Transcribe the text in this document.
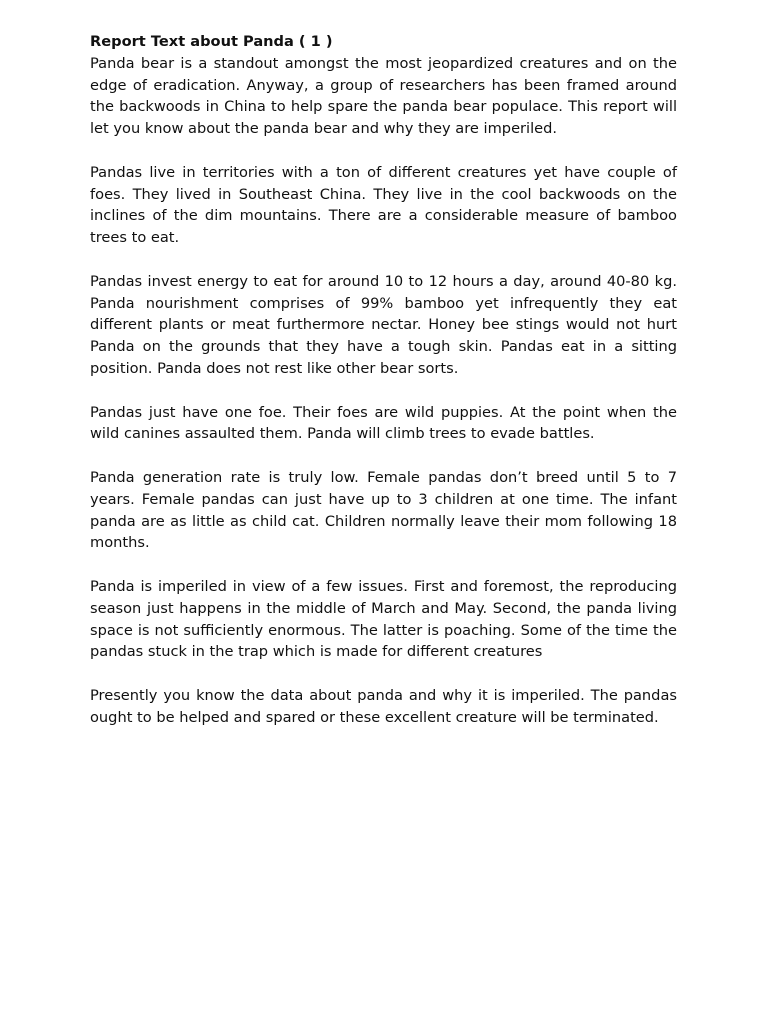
Report Text about Panda ( 1 )

Panda bear is a standout amongst the most jeopardized creatures and on the edge of eradication. Anyway, a group of researchers has been framed around the backwoods in China to help spare the panda bear populace. This report will let you know about the panda bear and why they are imperiled.

Pandas live in territories with a ton of different creatures yet have couple of foes. They lived in Southeast China. They live in the cool backwoods on the inclines of the dim mountains. There are a considerable measure of bamboo trees to eat.

Pandas invest energy to eat for around 10 to 12 hours a day, around 40-80 kg. Panda nourishment comprises of 99% bamboo yet infrequently they eat different plants or meat furthermore nectar. Honey bee stings would not hurt Panda on the grounds that they have a tough skin. Pandas eat in a sitting position. Panda does not rest like other bear sorts.

Pandas just have one foe. Their foes are wild puppies. At the point when the wild canines assaulted them. Panda will climb trees to evade battles.

Panda generation rate is truly low. Female pandas don’t breed until 5 to 7 years. Female pandas can just have up to 3 children at one time. The infant panda are as little as child cat. Children normally leave their mom following 18 months.

Panda is imperiled in view of a few issues. First and foremost, the reproducing season just happens in the middle of March and May. Second, the panda living space is not sufficiently enormous. The latter is poaching. Some of the time the pandas stuck in the trap which is made for different creatures

Presently you know the data about panda and why it is imperiled. The pandas ought to be helped and spared or these excellent creature will be terminated.
